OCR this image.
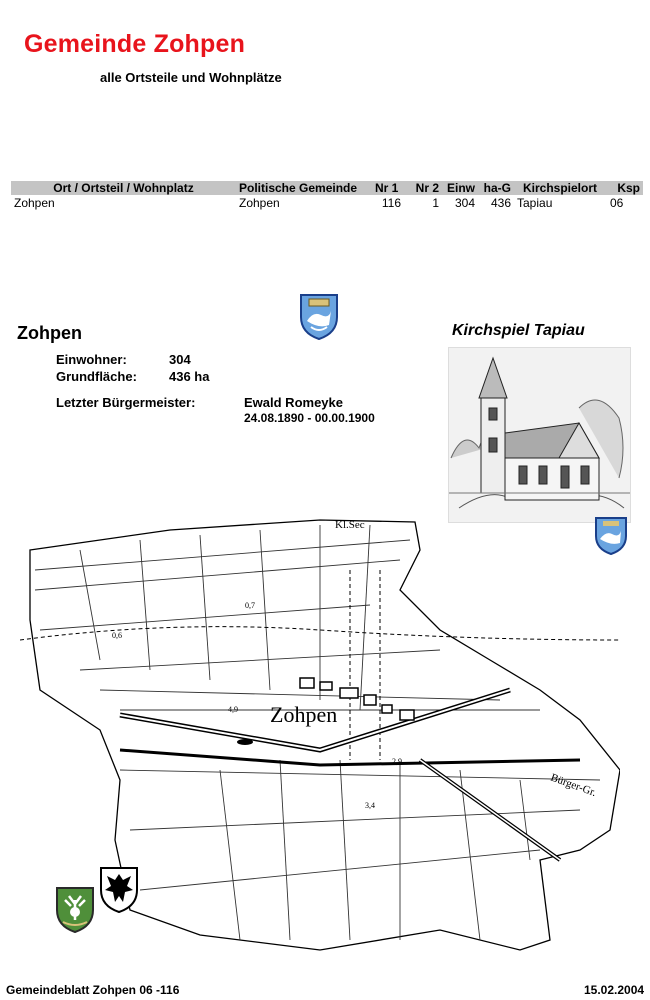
Gemeinde Zohpen
alle Ortsteile und Wohnplätze
Ort / Ortsteil / Wohnplatz	Politische Gemeinde	Nr 1	Nr 2	Einw	ha-G	Kirchspielort	Ksp
Zohpen	Zohpen	116	1	304	436	Tapiau	06
Zohpen
Einwohner:	304
Grundfläche: 436 ha
Letzter Bürgermeister:	Ewald Romeyke
24.08.1890 - 00.00.1900
Kirchspiel Tapiau
Zohpen
Kl.Sec
Bürger-Gr.
0,7
0,6
4,9
3,4
2,9
Gemeindeblatt Zohpen 06 -116	15.02.2004
